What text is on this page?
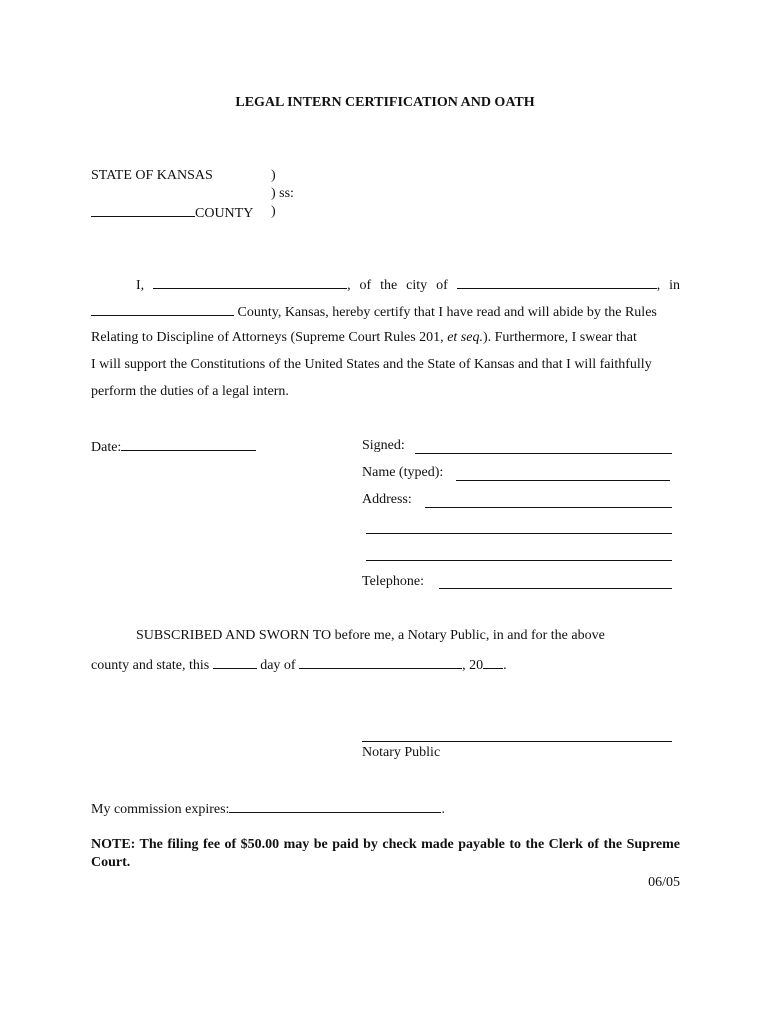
LEGAL INTERN CERTIFICATION AND OATH
STATE OF KANSAS	)
) ss:
COUNTY )
I,	, of the city of	, in
County, Kansas, hereby certify that I have read and will abide by the Rules
Relating to Discipline of Attorneys (Supreme Court Rules 201, et seq.). Furthermore, I swear that
I will support the Constitutions of the United States and the State of Kansas and that I will faithfully
perform the duties of a legal intern.
Date:	Signed:
Name (typed):
Address:
Telephone:
SUBSCRIBED AND SWORN TO before me, a Notary Public, in and for the above
county and state, this	day of	, 20 .
Notary Public
My commission expires:	.
NOTE: The filing fee of $50.00 may be paid by check made payable to the Clerk of the Supreme Court.
06/05
